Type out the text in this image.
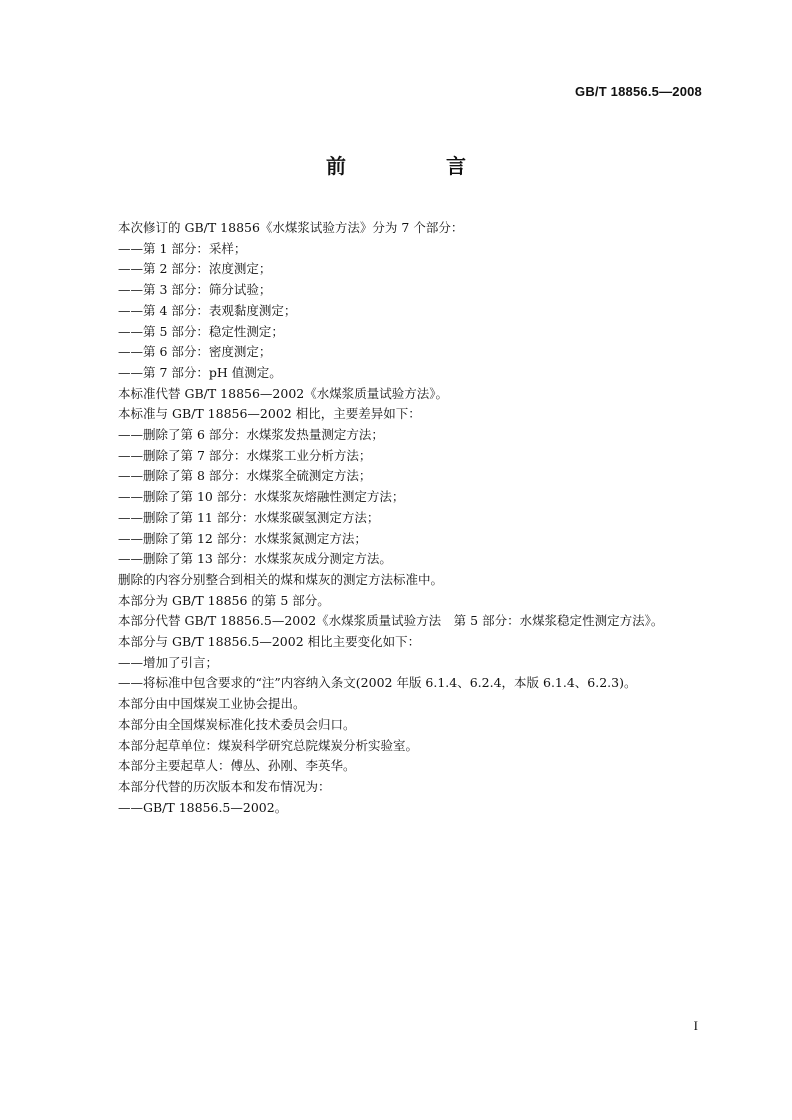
GB/T 18856.5—2008
前　言
本次修订的 GB/T 18856《水煤浆试验方法》分为 7 个部分：
——第 1 部分：采样；
——第 2 部分：浓度测定；
——第 3 部分：筛分试验；
——第 4 部分：表观黏度测定；
——第 5 部分：稳定性测定；
——第 6 部分：密度测定；
——第 7 部分：pH 值测定。
本标准代替 GB/T 18856—2002《水煤浆质量试验方法》。
本标准与 GB/T 18856—2002 相比，主要差异如下：
——删除了第 6 部分：水煤浆发热量测定方法；
——删除了第 7 部分：水煤浆工业分析方法；
——删除了第 8 部分：水煤浆全硫测定方法；
——删除了第 10 部分：水煤浆灰熔融性测定方法；
——删除了第 11 部分：水煤浆碳氢测定方法；
——删除了第 12 部分：水煤浆氮测定方法；
——删除了第 13 部分：水煤浆灰成分测定方法。
删除的内容分别整合到相关的煤和煤灰的测定方法标准中。
本部分为 GB/T 18856 的第 5 部分。
本部分代替 GB/T 18856.5—2002《水煤浆质量试验方法　第 5 部分：水煤浆稳定性测定方法》。
本部分与 GB/T 18856.5—2002 相比主要变化如下：
——增加了引言；
——将标准中包含要求的“注”内容纳入条文(2002 年版 6.1.4、6.2.4，本版 6.1.4、6.2.3)。
本部分由中国煤炭工业协会提出。
本部分由全国煤炭标准化技术委员会归口。
本部分起草单位：煤炭科学研究总院煤炭分析实验室。
本部分主要起草人：傅丛、孙刚、李英华。
本部分代替的历次版本和发布情况为：
——GB/T 18856.5—2002。
I
